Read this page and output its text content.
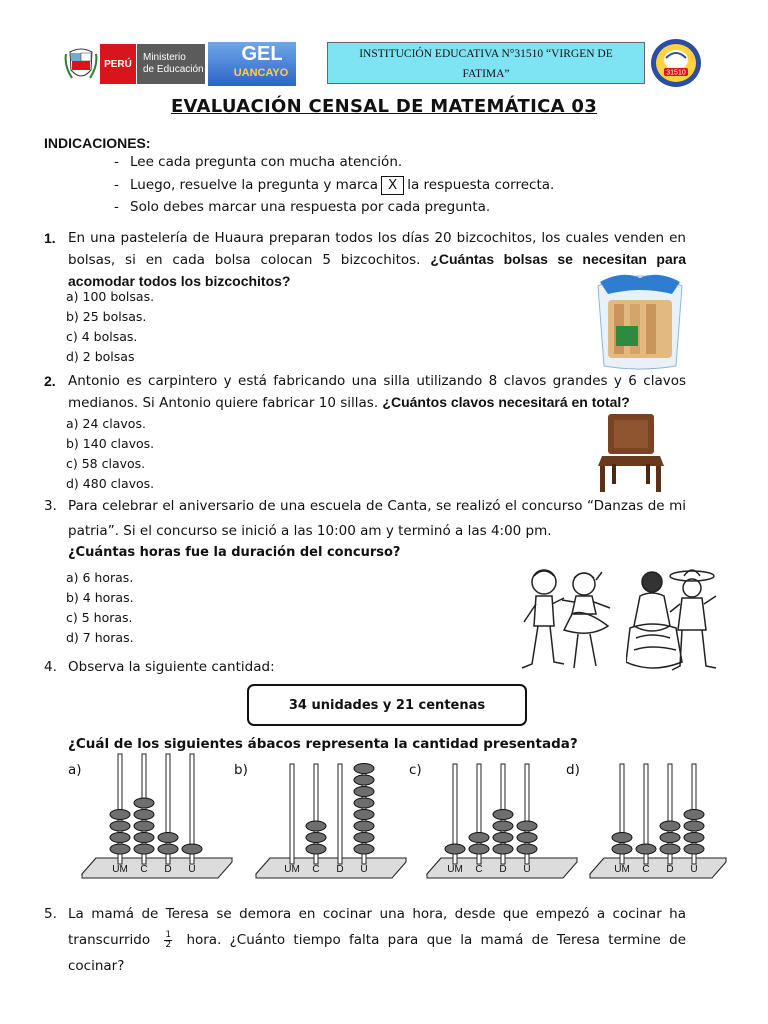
PERÚ
Ministerio
de Educación
GEL
UANCAYO
INSTITUCIÓN EDUCATIVA N°31510 “VIRGEN DE
FATIMA”	31510
EVALUACIÓN CENSAL DE MATEMÁTICA 03
INDICACIONES:
- Lee cada pregunta con mucha atención.
- Luego, resuelve la pregunta y marca X la respuesta correcta.
- Solo debes marcar una respuesta por cada pregunta.
1. En una pastelería de Huaura preparan todos los días 20 bizcochitos, los cuales venden en bolsas, si en cada bolsa colocan 5 bizcochitos. ¿Cuántas bolsas se necesitan para acomodar todos los bizcochitos?
a) 100 bolsas.
b) 25 bolsas.
c) 4 bolsas.
d) 2 bolsas
2. Antonio es carpintero y está fabricando una silla utilizando 8 clavos grandes y 6 clavos medianos. Si Antonio quiere fabricar 10 sillas. ¿Cuántos clavos necesitará en total?
a) 24 clavos.
b) 140 clavos.
c) 58 clavos.
d) 480 clavos.
3. Para celebrar el aniversario de una escuela de Canta, se realizó el concurso “Danzas de mi patria”. Si el concurso se inició a las 10:00 am y terminó a las 4:00 pm.
¿Cuántas horas fue la duración del concurso?
a) 6 horas.
b) 4 horas.
c) 5 horas.
d) 7 horas.
4. Observa la siguiente cantidad:
34 unidades y 21 centenas
¿Cuál de los siguientes ábacos representa la cantidad presentada?
a)	b)	c)	d)
UM C D U	UM C D U	UM C D U	UM C D U
5. La mamá de Teresa se demora en cocinar una hora, desde que empezó a cocinar ha transcurrido $\frac{1}{2}$ hora. ¿Cuánto tiempo falta para que la mamá de Teresa termine de cocinar?
